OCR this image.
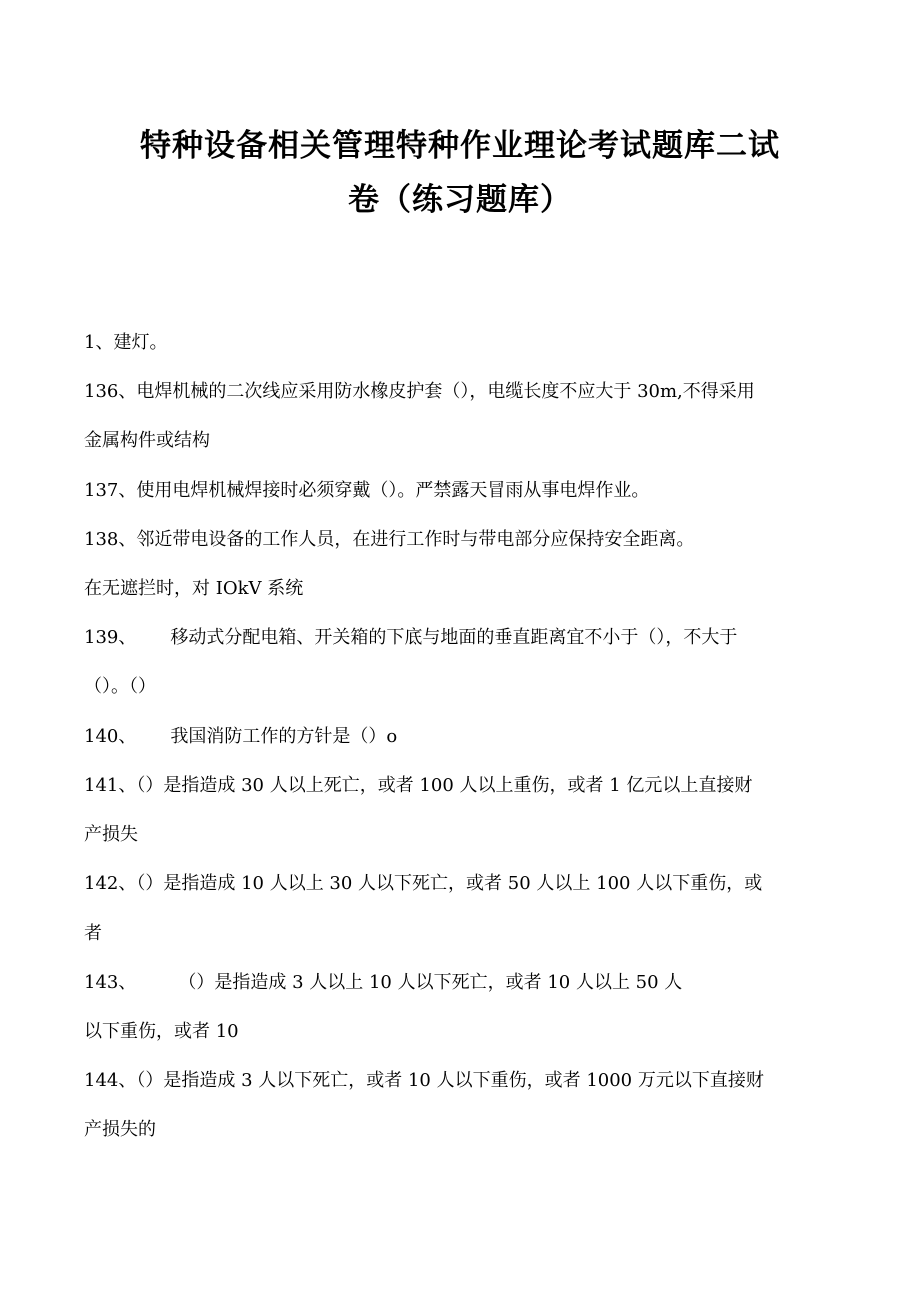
特种设备相关管理特种作业理论考试题库二试
卷（练习题库）
1、建灯。
136、电焊机械的二次线应采用防水橡皮护套（），电缆长度不应大于 30m,不得采用
金属构件或结构
137、使用电焊机械焊接时必须穿戴（）。严禁露天冒雨从事电焊作业。
138、邻近带电设备的工作人员，在进行工作时与带电部分应保持安全距离。
在无遮拦时，对 IOkV 系统
139、 移动式分配电箱、开关箱的下底与地面的垂直距离宜不小于（），不大于
（）。（）
140、 我国消防工作的方针是（）o
141、（）是指造成 30 人以上死亡，或者 100 人以上重伤，或者 1 亿元以上直接财
产损失
142、（）是指造成 10 人以上 30 人以下死亡，或者 50 人以上 100 人以下重伤，或
者
143、 （）是指造成 3 人以上 10 人以下死亡，或者 10 人以上 50 人
以下重伤，或者 10
144、（）是指造成 3 人以下死亡，或者 10 人以下重伤，或者 1000 万元以下直接财
产损失的
